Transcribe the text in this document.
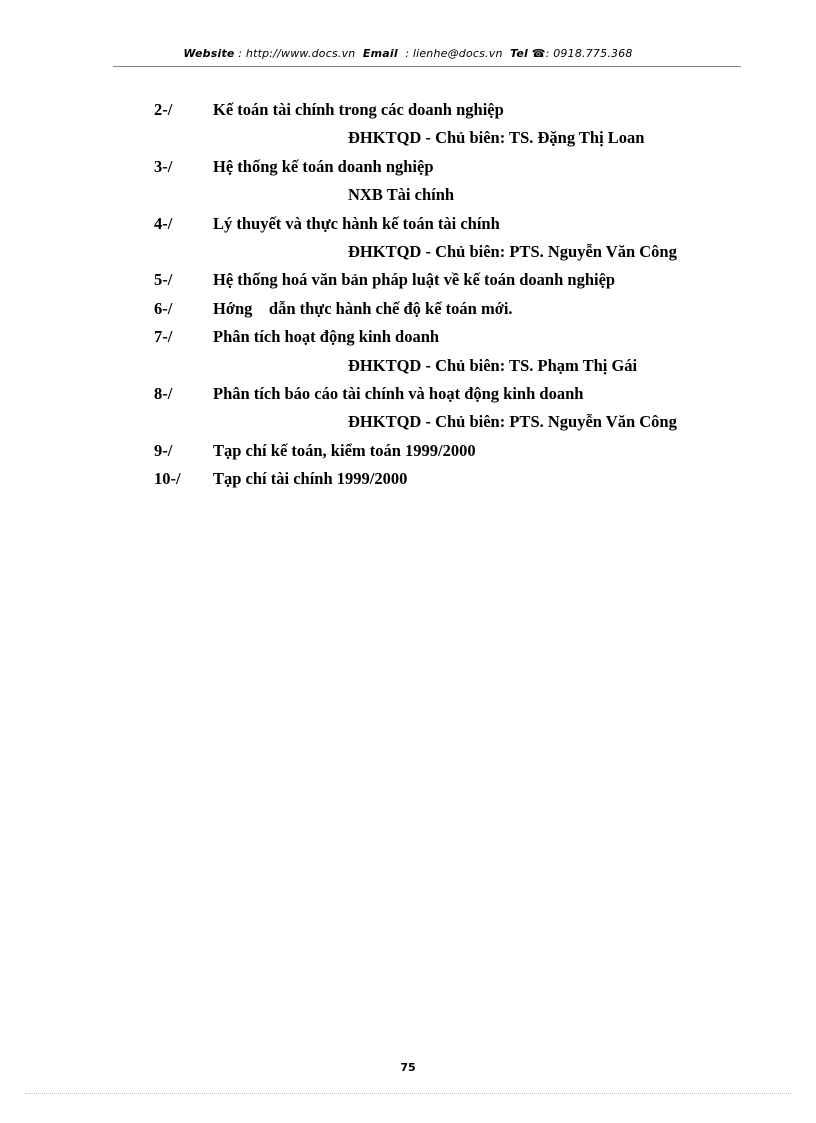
Website : http://www.docs.vn Email : lienhe@docs.vn Tel ☎: 0918.775.368
2-/ Kế toán tài chính trong các doanh nghiệp
ĐHKTQD - Chủ biên: TS. Đặng Thị Loan
3-/ Hệ thống kế toán doanh nghiệp
NXB Tài chính
4-/ Lý thuyết và thực hành kế toán tài chính
ĐHKTQD - Chủ biên: PTS. Nguyễn Văn Công
5-/ Hệ thống hoá văn bản pháp luật về kế toán doanh nghiệp
6-/ Hớng    dẫn thực hành chế độ kế toán mới.
7-/ Phân tích hoạt động kinh doanh
ĐHKTQD - Chủ biên: TS. Phạm Thị Gái
8-/ Phân tích báo cáo tài chính và hoạt động kinh doanh
ĐHKTQD - Chủ biên: PTS. Nguyễn Văn Công
9-/ Tạp chí kế toán, kiểm toán 1999/2000
10-/ Tạp chí tài chính 1999/2000
75
